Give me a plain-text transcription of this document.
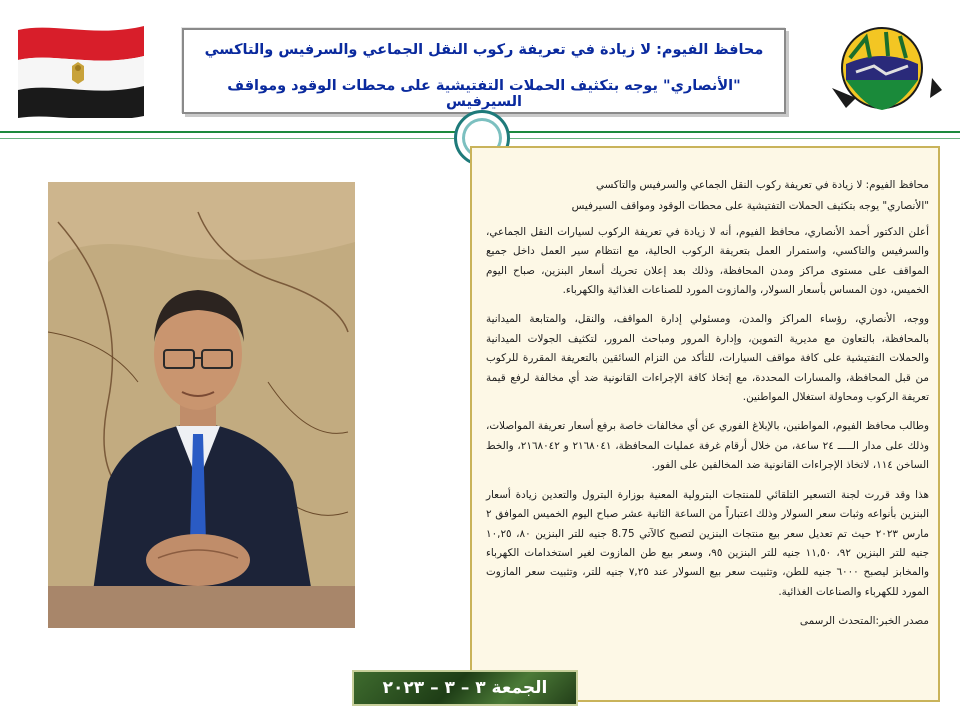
محافظ الفيوم: لا زيادة في تعريفة ركوب النقل الجماعي والسرفيس والتاكسي
"الأنصاري" يوجه بتكثيف الحملات التفتيشية على محطات الوقود ومواقف السيرفيس

محافظ الفيوم: لا زيادة في تعريفة ركوب النقل الجماعي والسرفيس والتاكسي

"الأنصاري" يوجه بتكثيف الحملات التفتيشية على محطات الوقود ومواقف السيرفيس

أعلن الدكتور أحمد الأنصاري، محافظ الفيوم، أنه لا زيادة في تعريفة الركوب لسيارات النقل الجماعي، والسرفيس والتاكسي، واستمرار العمل بتعريفة الركوب الحالية، مع انتظام سير العمل داخل جميع المواقف على مستوى مراكز ومدن المحافظة، وذلك بعد إعلان تحريك أسعار البنزين، صباح اليوم الخميس، دون المساس بأسعار السولار، والمازوت المورد للصناعات الغذائية والكهرباء.

ووجه، الأنصاري، رؤساء المراكز والمدن، ومسئولي إدارة المواقف، والنقل، والمتابعة الميدانية بالمحافظة، بالتعاون مع مديرية التموين، وإدارة المرور ومباحث المرور، لتكثيف الجولات الميدانية والحملات التفتيشية على كافة مواقف السيارات، للتأكد من التزام السائقين بالتعريفة المقررة للركوب من قبل المحافظة، والمسارات المحددة، مع إتخاذ كافة الإجراءات القانونية ضد أي مخالفة لرفع قيمة تعريفة الركوب ومحاولة استغلال المواطنين.

وطالب محافظ الفيوم، المواطنين، بالإبلاغ الفوري عن أي مخالفات خاصة برفع أسعار تعريفة المواصلات، وذلك على مدار الـــــ ٢٤ ساعة، من خلال أرقام غرفة عمليات المحافظة، ٢١٦٨٠٤١ و ٢١٦٨٠٤٢، والخط الساخن ١١٤، لاتخاذ الإجراءات القانونية ضد المخالفين على الفور.

هذا وقد قررت لجنة التسعير التلقائي للمنتجات البترولية المعنية بوزارة البترول والتعدين زيادة أسعار البنزين بأنواعه وثبات سعر السولار وذلك اعتباراً من الساعة الثانية عشر صباح اليوم الخميس الموافق ٢ مارس ٢٠٢٣ حيث تم تعديل سعر بيع منتجات البنزين لتصبح كالآتي 8.75 جنيه للتر البنزين ٨٠، ١٠,٢٥ جنيه للتر البنزين ٩٢، ١١,٥٠ جنيه للتر البنزين ٩٥، وسعر بيع طن المازوت لغير استخدامات الكهرباء والمخابز ليصبح ٦٠٠٠ جنيه للطن، وتثبيت سعر بيع السولار عند ٧,٢٥ جنيه للتر، وتثبيت سعر المازوت المورد للكهرباء والصناعات الغذائية.

مصدر الخبر:المتحدث الرسمى

الجمعة ٣ – ٣ – ٢٠٢٣
